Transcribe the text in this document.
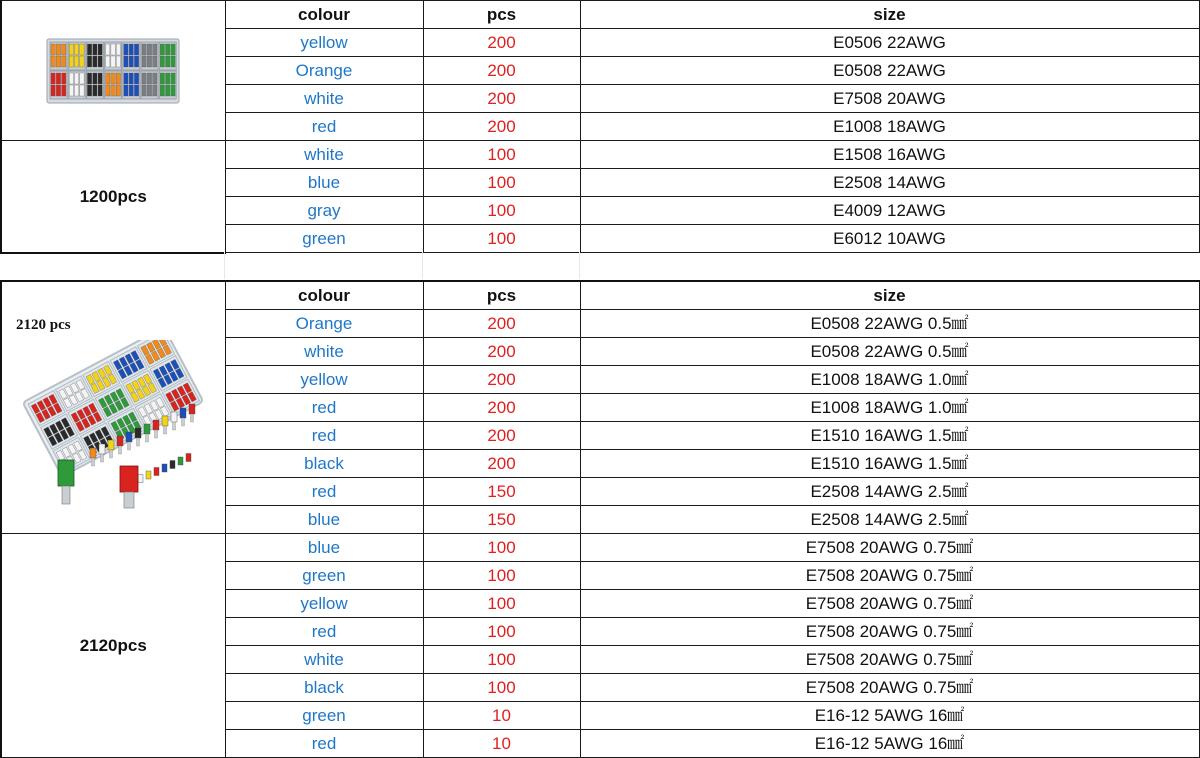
	colour	pcs	size
	yellow	200	E0506 22AWG
	Orange	200	E0508 22AWG
	white	200	E7508 20AWG
	red	200	E1008 18AWG
1200pcs	white	100	E1508 16AWG
	blue	100	E2508 14AWG
	gray	100	E4009 12AWG
	green	100	E6012 10AWG
2120 pcs	colour	pcs	size
	Orange	200	E0508 22AWG 0.5㎟
	white	200	E0508 22AWG 0.5㎟
	yellow	200	E1008 18AWG 1.0㎟
	red	200	E1008 18AWG 1.0㎟
	red	200	E1510 16AWG 1.5㎟
	black	200	E1510 16AWG 1.5㎟
	red	150	E2508 14AWG 2.5㎟
	blue	150	E2508 14AWG 2.5㎟
2120pcs	blue	100	E7508 20AWG 0.75㎟
	green	100	E7508 20AWG 0.75㎟
	yellow	100	E7508 20AWG 0.75㎟
	red	100	E7508 20AWG 0.75㎟
	white	100	E7508 20AWG 0.75㎟
	black	100	E7508 20AWG 0.75㎟
	green	10	E16-12 5AWG 16㎟
	red	10	E16-12 5AWG 16㎟
